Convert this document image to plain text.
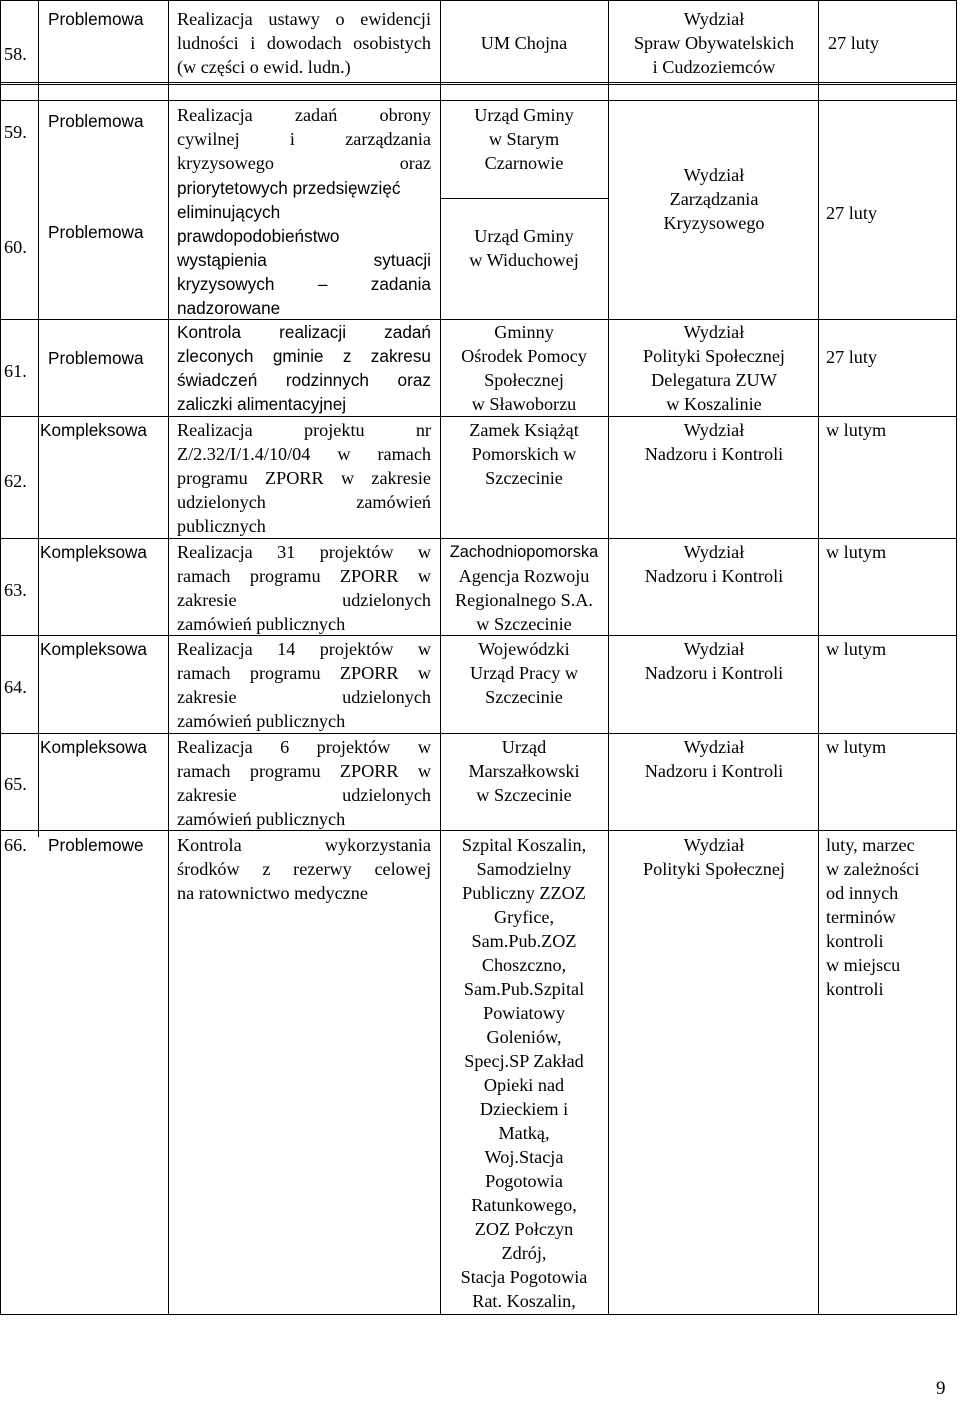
58.
Problemowa Realizacja ustawy o ewidencji
ludności i dowodach osobistych
(w części o ewid. ludn.)
UM Chojna
Wydział
Spraw Obywatelskich
i Cudzoziemców
27 luty
59.
Problemowa Realizacja zadań obrony
cywilnej i zarządzania
kryzysowego oraz
priorytetowych przedsięwzięć
eliminujących
prawdopodobieństwo
wystąpienia sytuacji
kryzysowych – zadania
nadzorowane
Urząd Gminy
w Starym
Czarnowie
Wydział
Zarządzania
Kryzysowego	27 luty
60.
Problemowa	Urząd Gminy
w Widuchowej
61.
Problemowa
Kontrola realizacji zadań
zleconych gminie z zakresu
świadczeń rodzinnych oraz
zaliczki alimentacyjnej
Gminny
Ośrodek Pomocy
Społecznej
w Sławoborzu
Wydział
Polityki Społecznej
Delegatura ZUW
w Koszalinie
27 luty
62.
Kompleksowa Realizacja projektu nr
Z/2.32/I/1.4/10/04 w ramach
programu ZPORR w zakresie
udzielonych zamówień
publicznych
Zamek Książąt
Pomorskich w
Szczecinie
Wydział
Nadzoru i Kontroli
w lutym
63.
Kompleksowa Realizacja 31 projektów w
ramach programu ZPORR w
zakresie udzielonych
zamówień publicznych
Zachodniopomorska
Agencja Rozwoju
Regionalnego S.A.
w Szczecinie
Wydział
Nadzoru i Kontroli
w lutym
64.
Kompleksowa Realizacja 14 projektów w
ramach programu ZPORR w
zakresie udzielonych
zamówień publicznych
Wojewódzki
Urząd Pracy w
Szczecinie
Wydział
Nadzoru i Kontroli
w lutym
65.
Kompleksowa Realizacja 6 projektów w
ramach programu ZPORR w
zakresie udzielonych
zamówień publicznych
Urząd
Marszałkowski
w Szczecinie
Wydział
Nadzoru i Kontroli
w lutym
66. Problemowe Kontrola wykorzystania
środków z rezerwy celowej
na ratownictwo medyczne
Szpital Koszalin,
Samodzielny
Publiczny ZZOZ
Gryfice,
Sam.Pub.ZOZ
Choszczno,
Sam.Pub.Szpital
Powiatowy
Goleniów,
Specj.SP Zakład
Opieki nad
Dzieckiem i
Matką,
Woj.Stacja
Pogotowia
Ratunkowego,
ZOZ Połczyn
Zdrój,
Stacja Pogotowia
Rat. Koszalin,
Wydział
Polityki Społecznej
luty, marzec
w zależności
od innych
terminów
kontroli
w miejscu
kontroli
9
